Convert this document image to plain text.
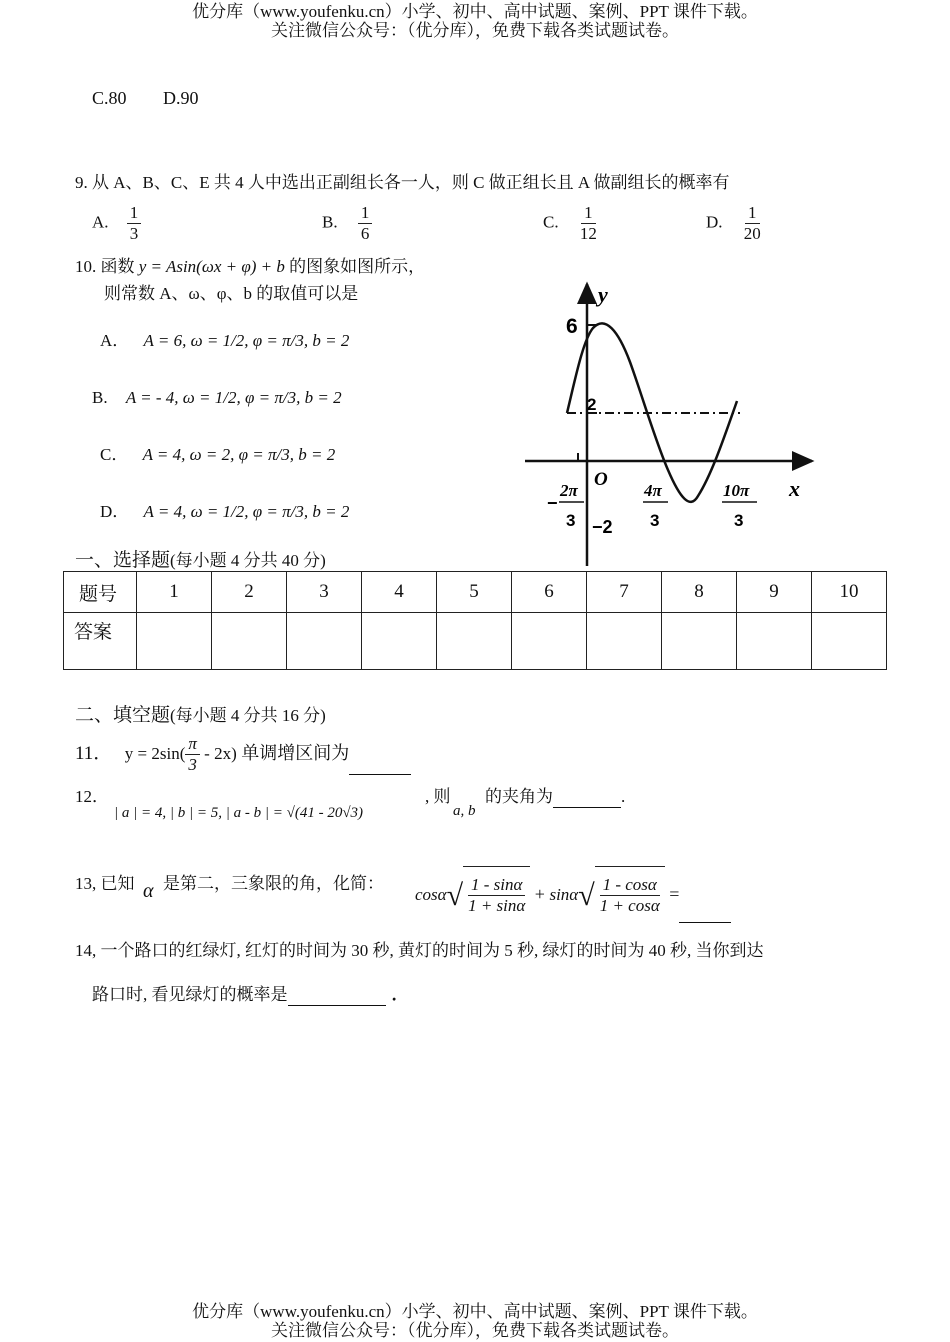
优分库（www.youfenku.cn）小学、初中、高中试题、案例、PPT 课件下载。
关注微信公众号：（优分库），免费下载各类试题试卷。
C.80 D.90
9. 从 A、B、C、E 共 4 人中选出正副组长各一人，则 C 做正组长且 A 做副组长的概率有
A. $\frac{1}{3}$	B. $\frac{1}{6}$	C. $\frac{1}{12}$	D. $\frac{1}{20}$
10. 函数 y = Asin(ωx + φ) + b 的图象如图所示，
则常数 A、ω、φ、b 的取值可以是
A． A = 6, ω = 1/2, φ = π/3, b = 2
B. A = - 4, ω = 1/2, φ = π/3, b = 2
C． A = 4, ω = 2, φ = π/3, b = 2
D． A = 4, ω = 1/2, φ = π/3, b = 2
y
x
O
6
2
−2
−
2π
3
4π
3
10π
3
一、选择题(每小题 4 分共 40 分)
题号	1	2	3	4	5	6	7	8	9	10
答案										
二、填空题(每小题 4 分共 16 分)
11． $y = 2\sin( \frac{\pi}{3} - 2x)$ 单调增区间为
12．
| a | = 4, | b | = 5, | a - b | = √(41 - 20√3)
, 则
a, b
的夹角为	.
13, 已知 α 是第二，三象限的角，化简：
$\cos\alpha√ \frac{1 - \sin\alpha}{1 + \sin\alpha} + \sin\alpha√ \frac{1 - \cos\alpha}{1 + \cos\alpha}$ =
14, 一个路口的红绿灯, 红灯的时间为 30 秒, 黄灯的时间为 5 秒, 绿灯的时间为 40 秒, 当你到达
路口时, 看见绿灯的概率是	．
优分库（www.youfenku.cn）小学、初中、高中试题、案例、PPT 课件下载。
关注微信公众号：（优分库），免费下载各类试题试卷。
